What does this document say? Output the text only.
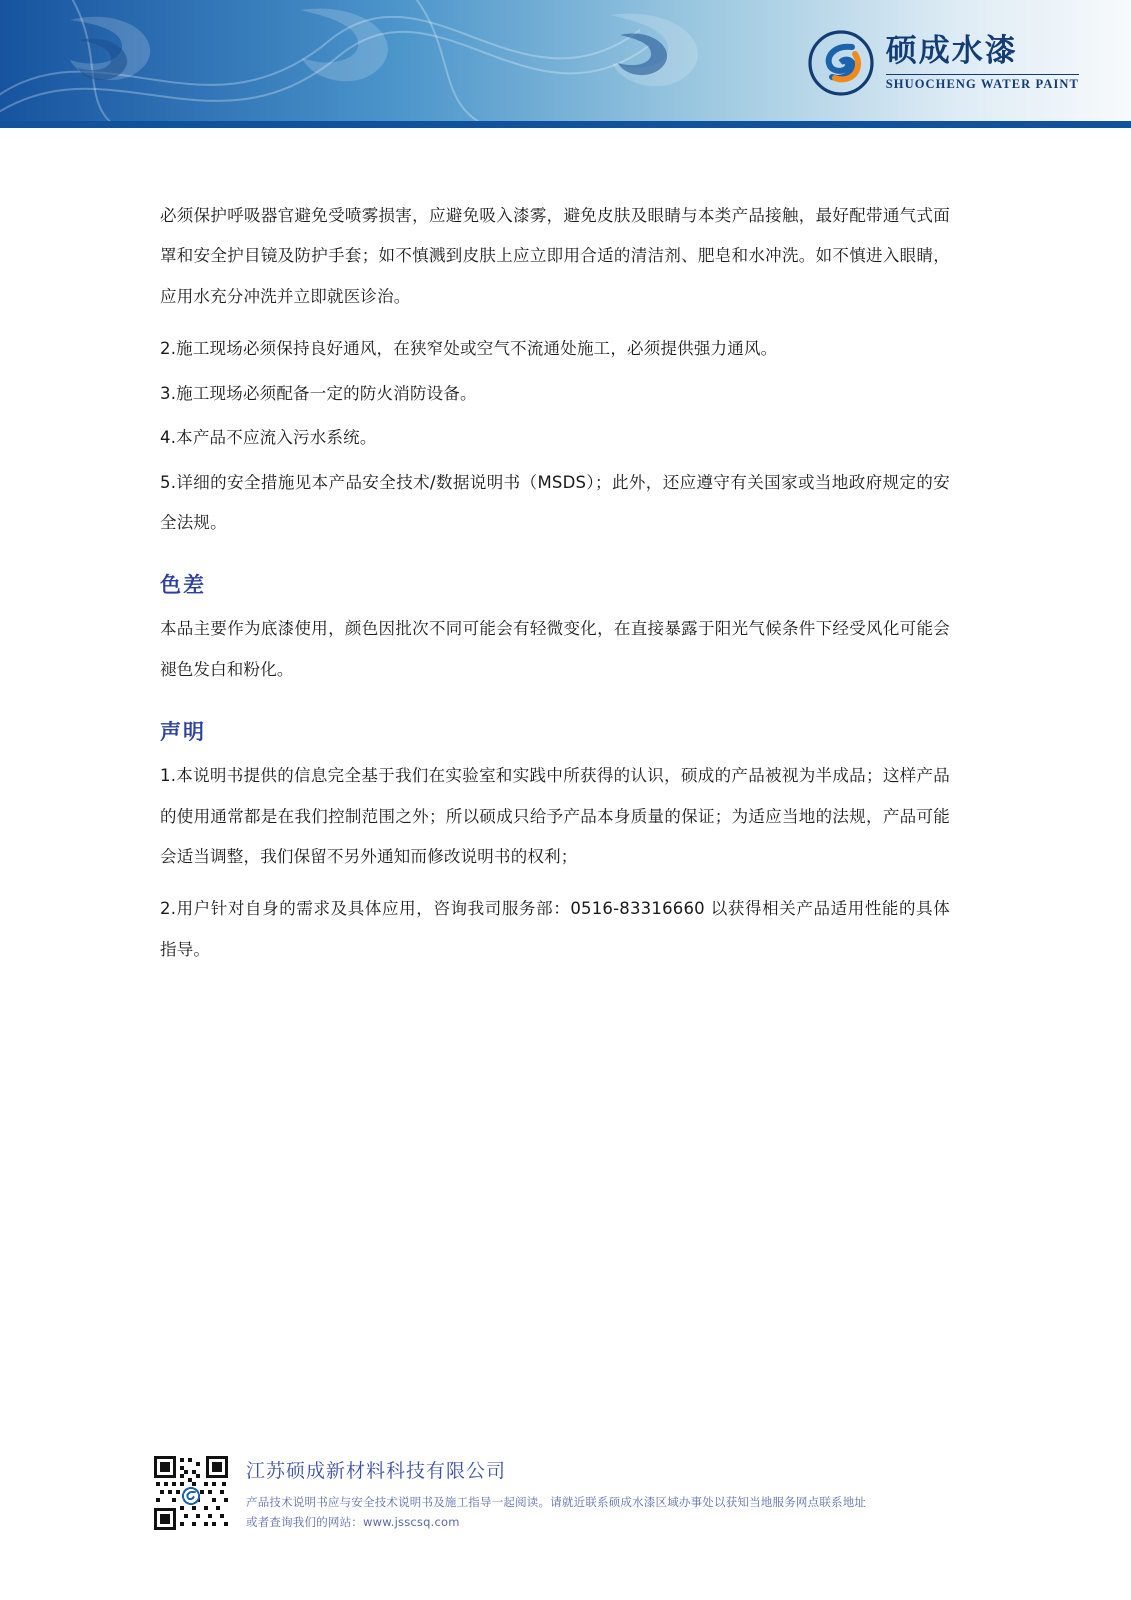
硕成水漆
SHUOCHENG WATER PAINT

必须保护呼吸器官避免受喷雾损害，应避免吸入漆雾，避免皮肤及眼睛与本类产品接触，最好配带通气式面罩和安全护目镜及防护手套；如不慎溅到皮肤上应立即用合适的清洁剂、肥皂和水冲洗。如不慎进入眼睛，应用水充分冲洗并立即就医诊治。

2.施工现场必须保持良好通风，在狭窄处或空气不流通处施工，必须提供强力通风。

3.施工现场必须配备一定的防火消防设备。

4.本产品不应流入污水系统。

5.详细的安全措施见本产品安全技术/数据说明书（MSDS）；此外，还应遵守有关国家或当地政府规定的安全法规。

色差

本品主要作为底漆使用，颜色因批次不同可能会有轻微变化，在直接暴露于阳光气候条件下经受风化可能会褪色发白和粉化。

声明

1.本说明书提供的信息完全基于我们在实验室和实践中所获得的认识，硕成的产品被视为半成品；这样产品的使用通常都是在我们控制范围之外；所以硕成只给予产品本身质量的保证；为适应当地的法规，产品可能会适当调整，我们保留不另外通知而修改说明书的权利；

2.用户针对自身的需求及具体应用，咨询我司服务部：0516-83316660 以获得相关产品适用性能的具体指导。

江苏硕成新材料科技有限公司
产品技术说明书应与安全技术说明书及施工指导一起阅读。请就近联系硕成水漆区域办事处以获知当地服务网点联系地址
或者查询我们的网站：www.jsscsq.com
